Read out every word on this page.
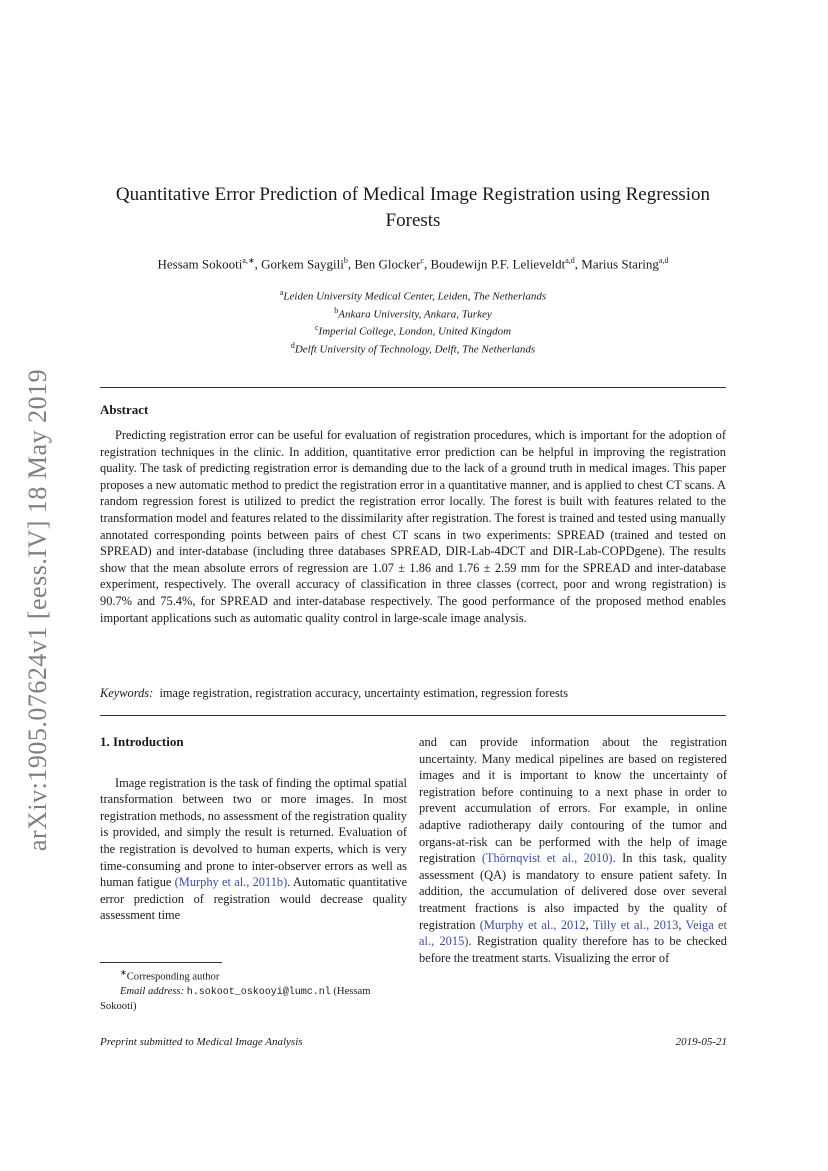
arXiv:1905.07624v1 [eess.IV] 18 May 2019
Quantitative Error Prediction of Medical Image Registration using Regression Forests
Hessam Sokooti$^{a,∗}$, Gorkem Saygili$^b$, Ben Glocker$^c$, Boudewijn P.F. Lelieveldt$^{a,d}$, Marius Staring$^{a,d}$
$^a$Leiden University Medical Center, Leiden, The Netherlands
$^b$Ankara University, Ankara, Turkey
$^c$Imperial College, London, United Kingdom
$^d$Delft University of Technology, Delft, The Netherlands
Abstract
Predicting registration error can be useful for evaluation of registration procedures, which is important for the adoption of registration techniques in the clinic. In addition, quantitative error prediction can be helpful in improving the registration quality. The task of predicting registration error is demanding due to the lack of a ground truth in medical images. This paper proposes a new automatic method to predict the registration error in a quantitative manner, and is applied to chest CT scans. A random regression forest is utilized to predict the registration error locally. The forest is built with features related to the transformation model and features related to the dissimilarity after registration. The forest is trained and tested using manually annotated corresponding points between pairs of chest CT scans in two experiments: SPREAD (trained and tested on SPREAD) and inter-database (including three databases SPREAD, DIR-Lab-4DCT and DIR-Lab-COPDgene). The results show that the mean absolute errors of regression are 1.07 ± 1.86 and 1.76 ± 2.59 mm for the SPREAD and inter-database experiment, respectively. The overall accuracy of classification in three classes (correct, poor and wrong registration) is 90.7% and 75.4%, for SPREAD and inter-database respectively. The good performance of the proposed method enables important applications such as automatic quality control in large-scale image analysis.
Keywords: image registration, registration accuracy, uncertainty estimation, regression forests
1. Introduction

Image registration is the task of finding the optimal spatial transformation between two or more images. In most registration methods, no assessment of the registration quality is provided, and simply the result is returned. Evaluation of the registration is devolved to human experts, which is very time-consuming and prone to inter-observer errors as well as human fatigue (Murphy et al., 2011b). Automatic quantitative error prediction of registration would decrease quality assessment time

∗Corresponding author
Email address: h.sokoot_oskooyi@lumc.nl (Hessam Sokooti)

and can provide information about the registration uncertainty. Many medical pipelines are based on registered images and it is important to know the uncertainty of registration before continuing to a next phase in order to prevent accumulation of errors. For example, in online adaptive radiotherapy daily contouring of the tumor and organs-at-risk can be performed with the help of image registration (Thörnqvist et al., 2010). In this task, quality assessment (QA) is mandatory to ensure patient safety. In addition, the accumulation of delivered dose over several treatment fractions is also impacted by the quality of registration (Murphy et al., 2012, Tilly et al., 2013, Veiga et al., 2015). Registration quality therefore has to be checked before the treatment starts. Visualizing the error of

Preprint submitted to Medical Image Analysis	2019-05-21
